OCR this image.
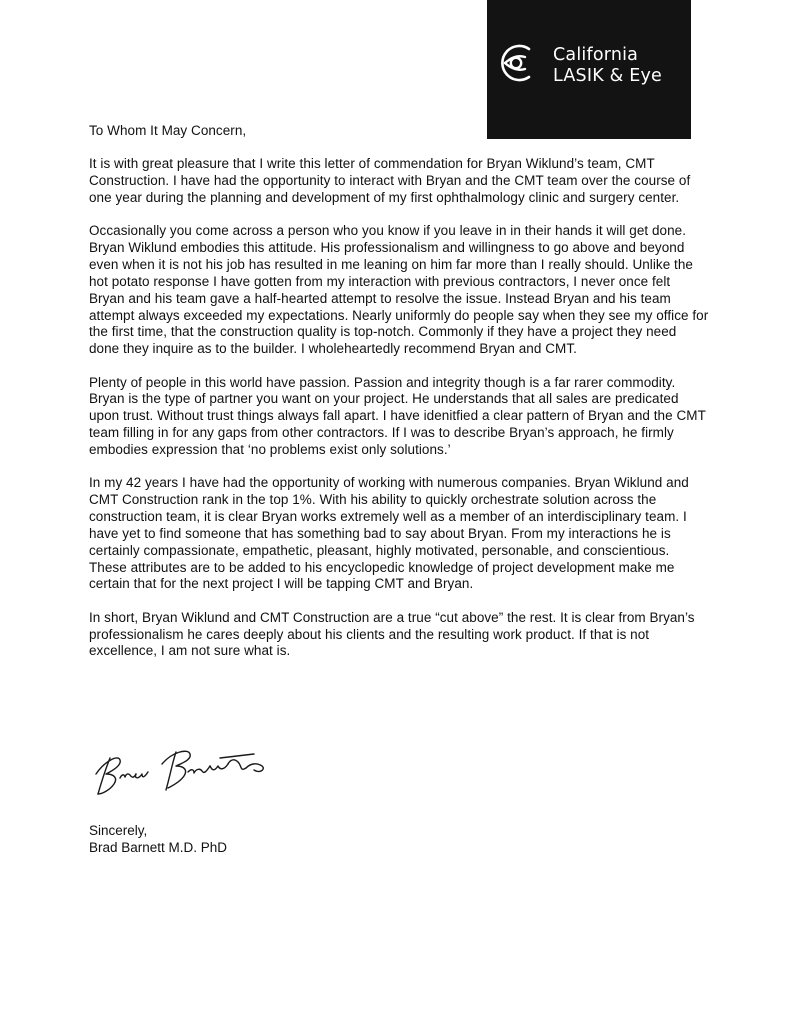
California
LASIK & Eye

To Whom It May Concern,

It is with great pleasure that I write this letter of commendation for Bryan Wiklund’s team, CMT Construction. I have had the opportunity to interact with Bryan and the CMT team over the course of one year during the planning and development of my first ophthalmology clinic and surgery center.

Occasionally you come across a person who you know if you leave in in their hands it will get done. Bryan Wiklund embodies this attitude. His professionalism and willingness to go above and beyond even when it is not his job has resulted in me leaning on him far more than I really should. Unlike the hot potato response I have gotten from my interaction with previous contractors, I never once felt Bryan and his team gave a half-hearted attempt to resolve the issue. Instead Bryan and his team attempt always exceeded my expectations. Nearly uniformly do people say when they see my office for the first time, that the construction quality is top-notch. Commonly if they have a project they need done they inquire as to the builder. I wholeheartedly recommend Bryan and CMT.

Plenty of people in this world have passion. Passion and integrity though is a far rarer commodity. Bryan is the type of partner you want on your project. He understands that all sales are predicated upon trust. Without trust things always fall apart. I have idenitfied a clear pattern of Bryan and the CMT team filling in for any gaps from other contractors. If I was to describe Bryan’s approach, he firmly embodies expression that ‘no problems exist only solutions.’

In my 42 years I have had the opportunity of working with numerous companies. Bryan Wiklund and CMT Construction rank in the top 1%. With his ability to quickly orchestrate solution across the construction team, it is clear Bryan works extremely well as a member of an interdisciplinary team. I have yet to find someone that has something bad to say about Bryan. From my interactions he is certainly compassionate, empathetic, pleasant, highly motivated, personable, and conscientious. These attributes are to be added to his encyclopedic knowledge of project development make me certain that for the next project I will be tapping CMT and Bryan.

In short, Bryan Wiklund and CMT Construction are a true “cut above” the rest. It is clear from Bryan’s professionalism he cares deeply about his clients and the resulting work product. If that is not excellence, I am not sure what is.

Sincerely,
Brad Barnett M.D. PhD
